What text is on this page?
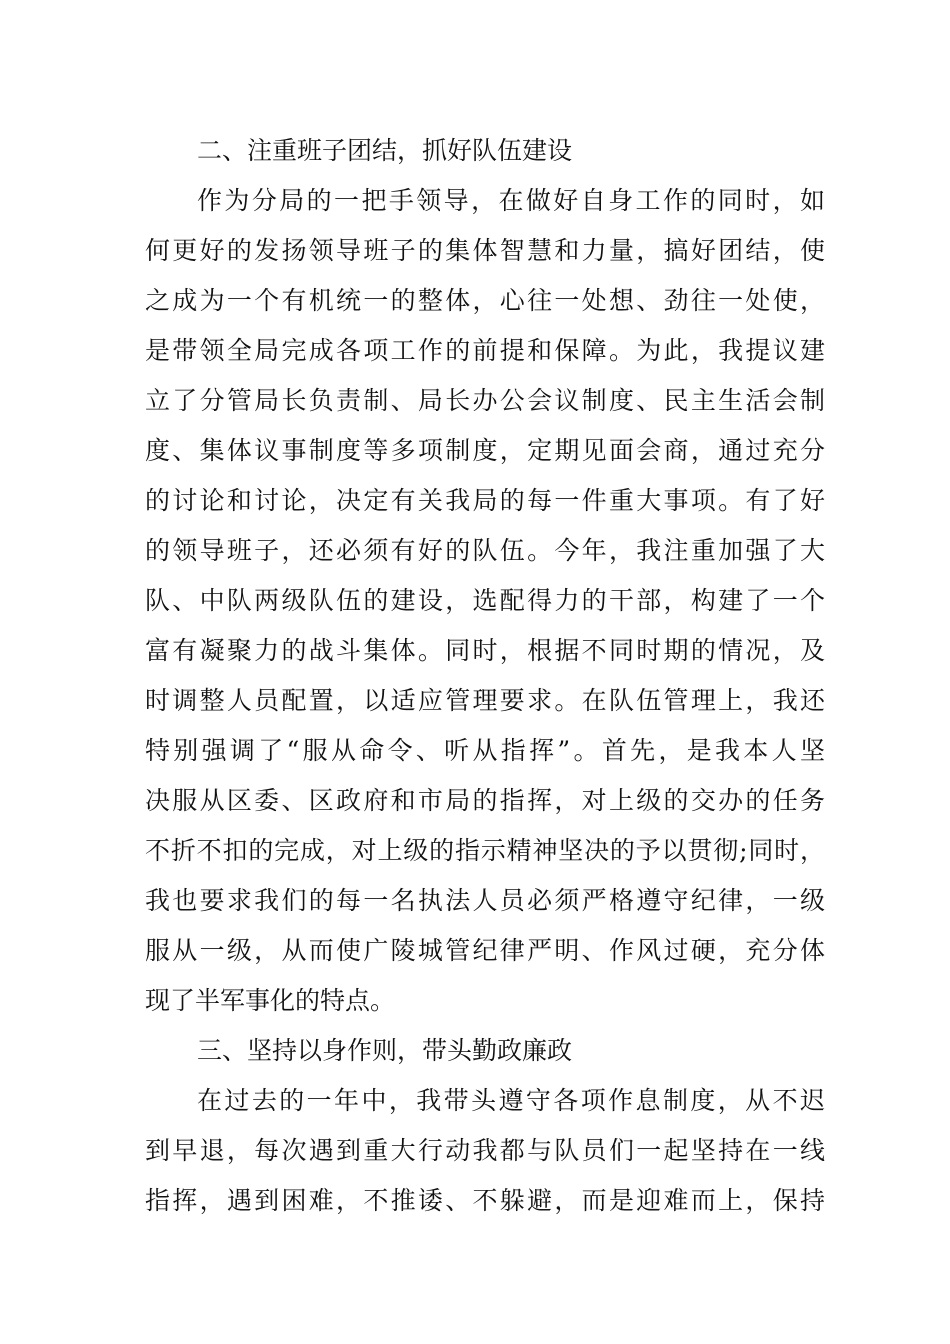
二、注重班子团结，抓好队伍建设
作为分局的一把手领导，在做好自身工作的同时，如
何更好的发扬领导班子的集体智慧和力量，搞好团结，使
之成为一个有机统一的整体，心往一处想、劲往一处使，
是带领全局完成各项工作的前提和保障。为此，我提议建
立了分管局长负责制、局长办公会议制度、民主生活会制
度、集体议事制度等多项制度，定期见面会商，通过充分
的讨论和讨论，决定有关我局的每一件重大事项。有了好
的领导班子，还必须有好的队伍。今年，我注重加强了大
队、中队两级队伍的建设，选配得力的干部，构建了一个
富有凝聚力的战斗集体。同时，根据不同时期的情况，及
时调整人员配置，以适应管理要求。在队伍管理上，我还
特别强调了“服从命令、听从指挥”。首先，是我本人坚
决服从区委、区政府和市局的指挥，对上级的交办的任务
不折不扣的完成，对上级的指示精神坚决的予以贯彻;同时，
我也要求我们的每一名执法人员必须严格遵守纪律，一级
服从一级，从而使广陵城管纪律严明、作风过硬，充分体
现了半军事化的特点。
三、坚持以身作则，带头勤政廉政
在过去的一年中，我带头遵守各项作息制度，从不迟
到早退，每次遇到重大行动我都与队员们一起坚持在一线
指挥，遇到困难，不推诿、不躲避，而是迎难而上，保持
